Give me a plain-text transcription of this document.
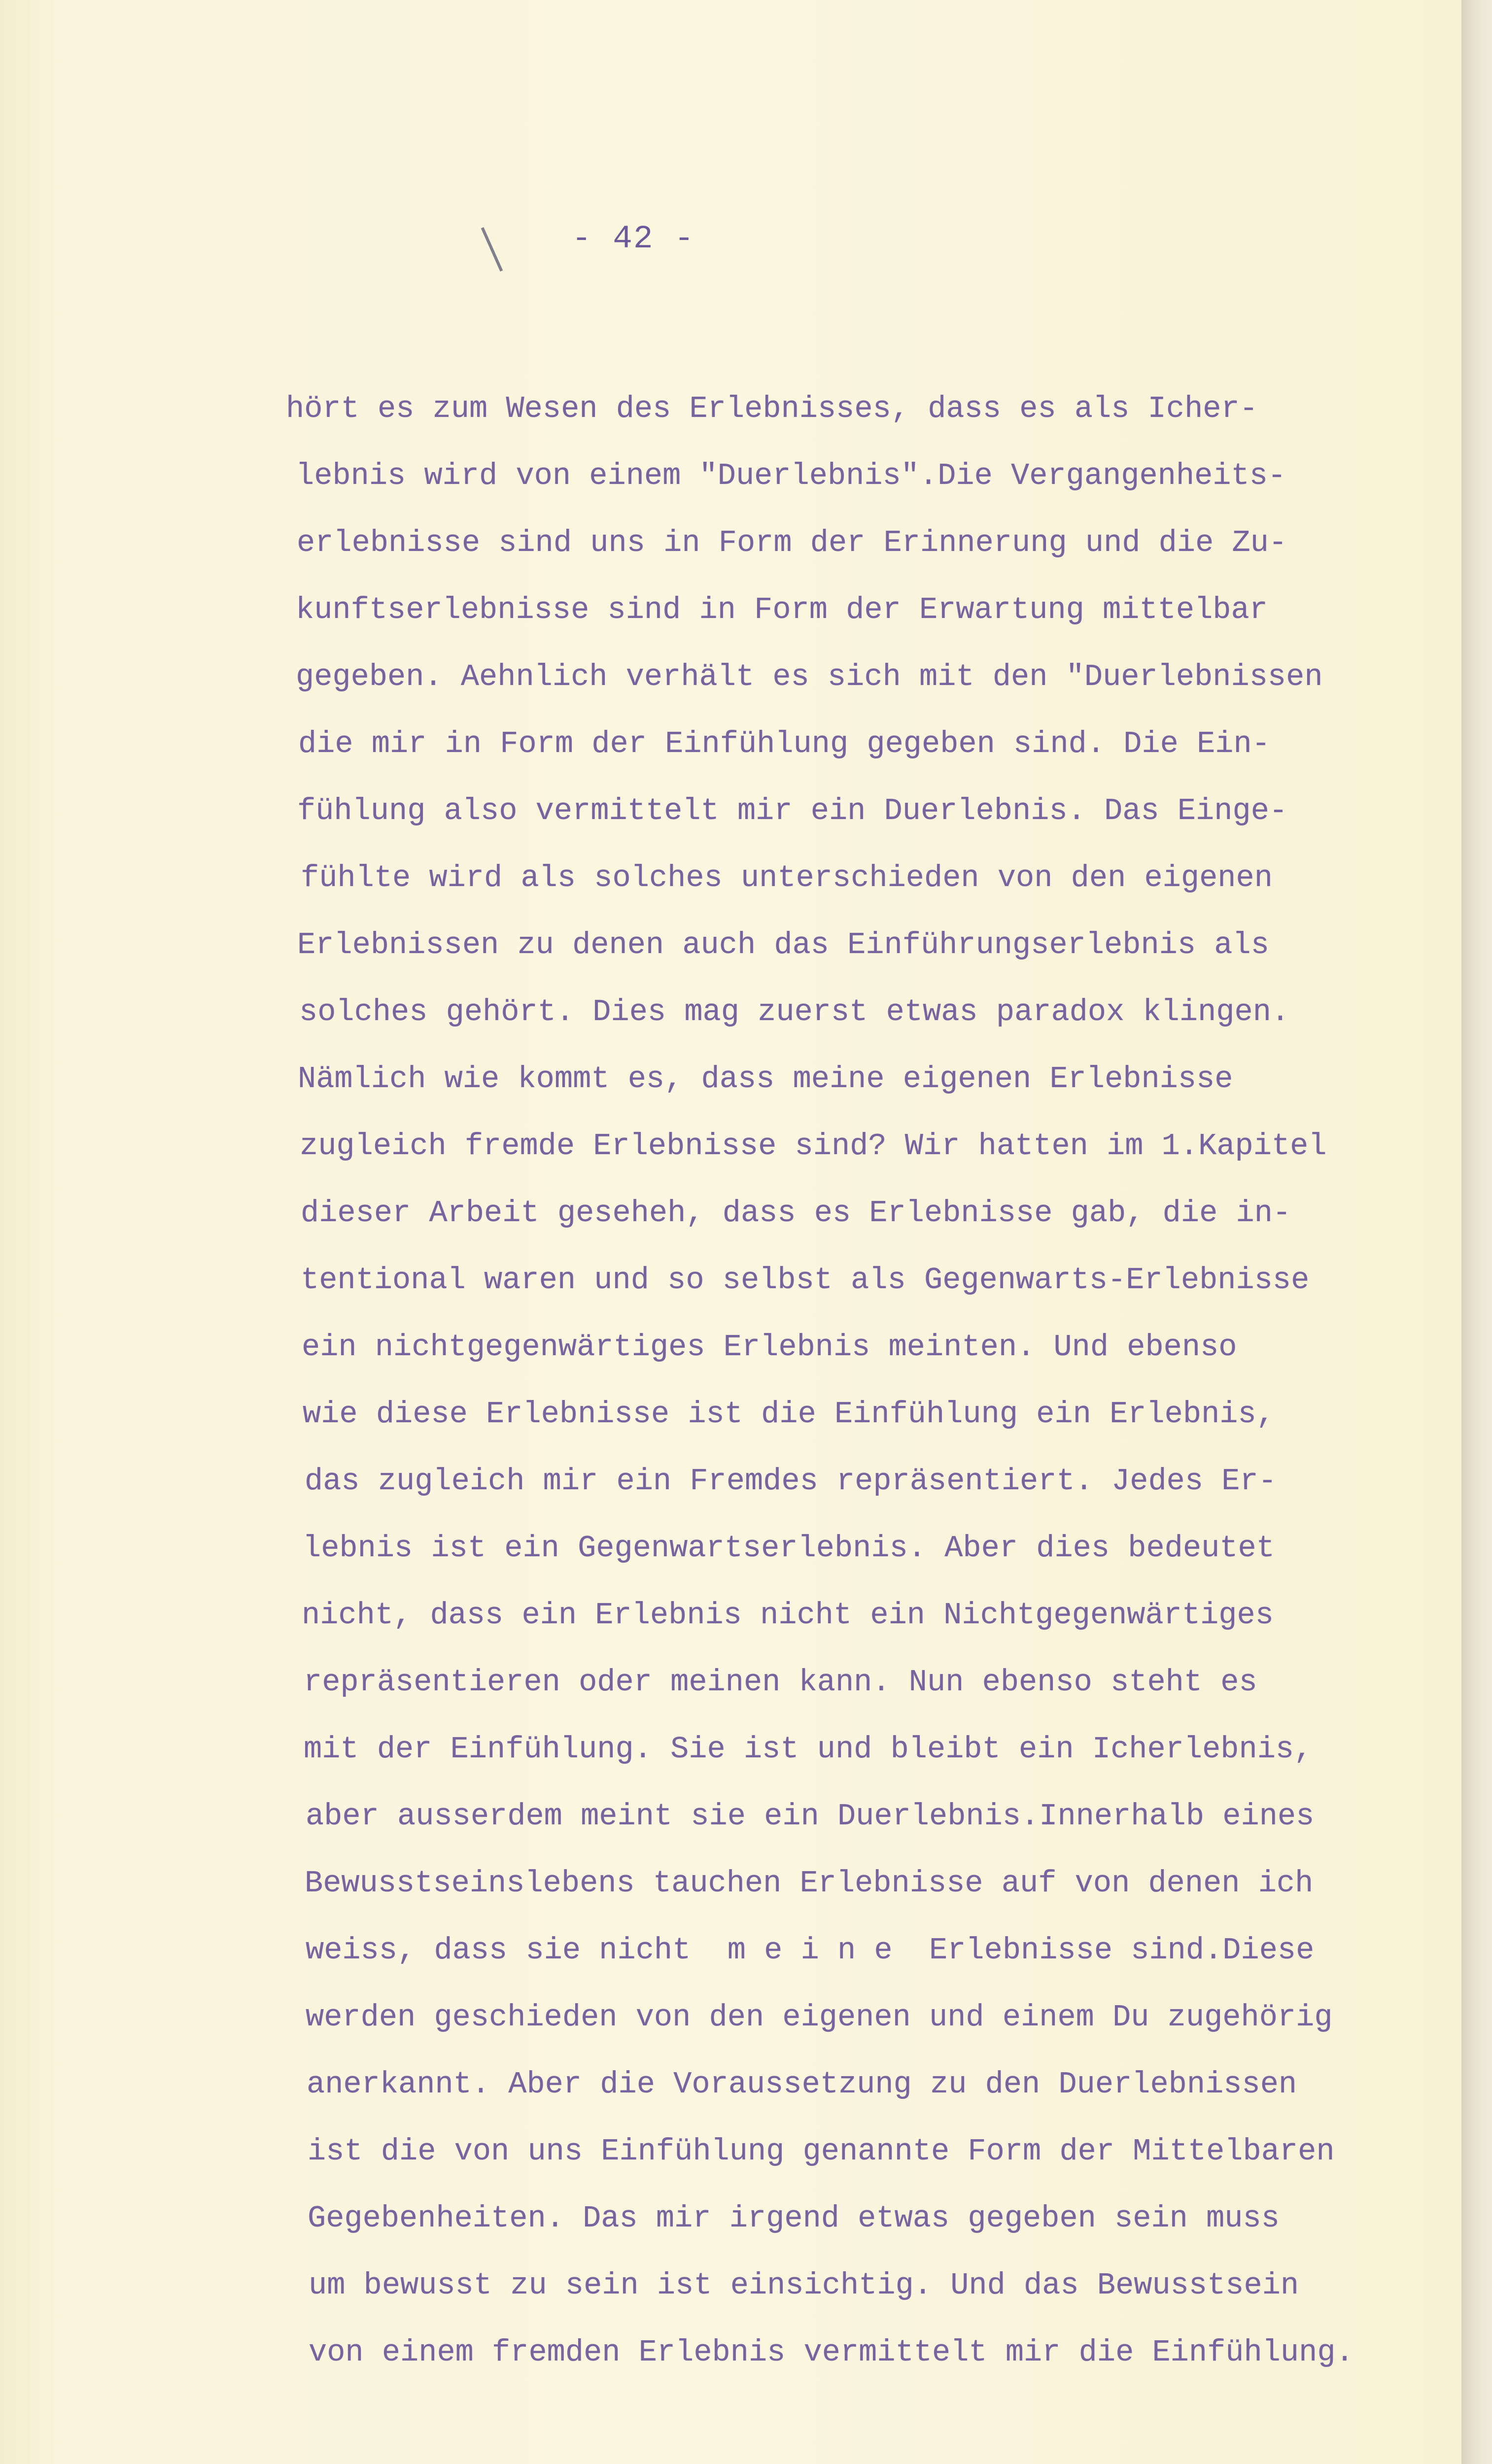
- 42 -
hört es zum Wesen des Erlebnisses, dass es als Icher-
lebnis wird von einem "Duerlebnis".Die Vergangenheits-
erlebnisse sind uns in Form der Erinnerung und die Zu-
kunftserlebnisse sind in Form der Erwartung mittelbar
gegeben. Aehnlich verhält es sich mit den "Duerlebnissen
die mir in Form der Einfühlung gegeben sind. Die Ein-
fühlung also vermittelt mir ein Duerlebnis. Das Einge-
fühlte wird als solches unterschieden von den eigenen
Erlebnissen zu denen auch das Einführungserlebnis als
solches gehört. Dies mag zuerst etwas paradox klingen.
Nämlich wie kommt es, dass meine eigenen Erlebnisse
zugleich fremde Erlebnisse sind? Wir hatten im 1.Kapitel
dieser Arbeit geseheh, dass es Erlebnisse gab, die in-
tentional waren und so selbst als Gegenwarts-Erlebnisse
ein nichtgegenwärtiges Erlebnis meinten. Und ebenso
wie diese Erlebnisse ist die Einfühlung ein Erlebnis,
das zugleich mir ein Fremdes repräsentiert. Jedes Er-
lebnis ist ein Gegenwartserlebnis. Aber dies bedeutet
nicht, dass ein Erlebnis nicht ein Nichtgegenwärtiges
repräsentieren oder meinen kann. Nun ebenso steht es
mit der Einfühlung. Sie ist und bleibt ein Icherlebnis,
aber ausserdem meint sie ein Duerlebnis.Innerhalb eines
Bewusstseinslebens tauchen Erlebnisse auf von denen ich
weiss, dass sie nicht  m e i n e  Erlebnisse sind.Diese
werden geschieden von den eigenen und einem Du zugehörig
anerkannt. Aber die Voraussetzung zu den Duerlebnissen
ist die von uns Einfühlung genannte Form der Mittelbaren
Gegebenheiten. Das mir irgend etwas gegeben sein muss
um bewusst zu sein ist einsichtig. Und das Bewusstsein
von einem fremden Erlebnis vermittelt mir die Einfühlung.
